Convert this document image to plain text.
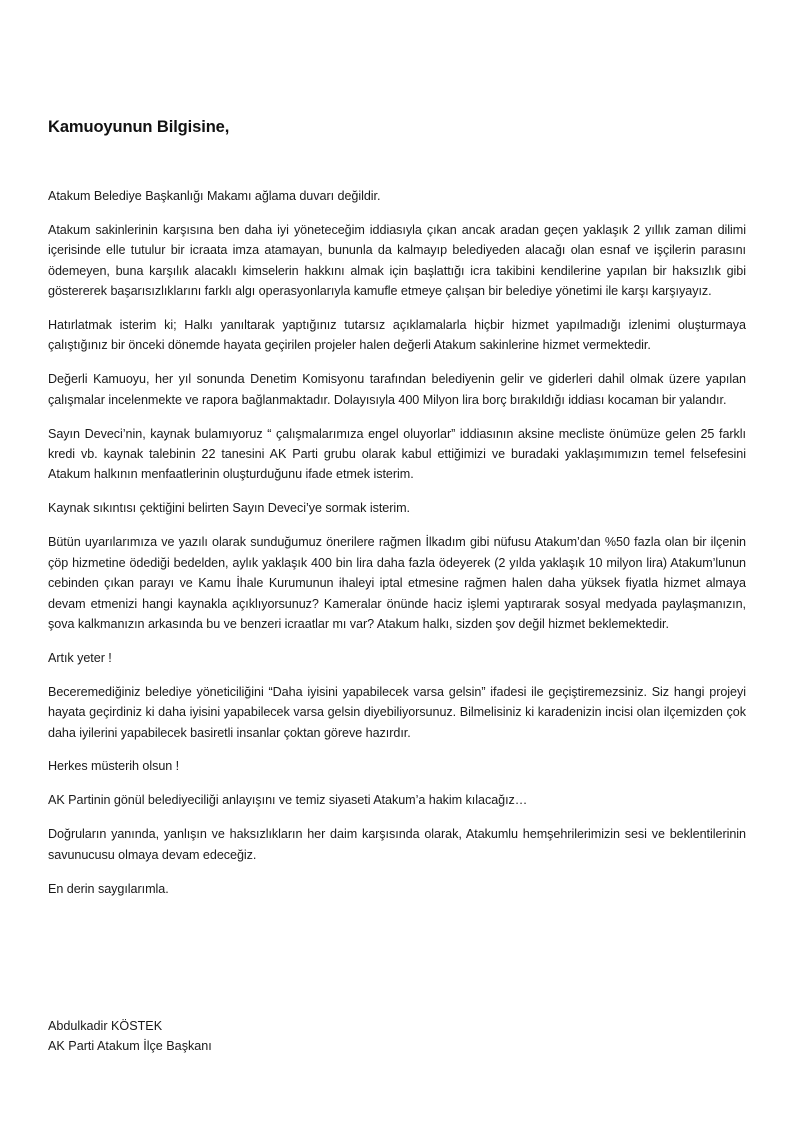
Kamuoyunun Bilgisine,

Atakum Belediye Başkanlığı Makamı ağlama duvarı değildir.

Atakum sakinlerinin karşısına ben daha iyi yöneteceğim iddiasıyla çıkan ancak aradan geçen yaklaşık 2 yıllık zaman dilimi içerisinde elle tutulur bir icraata imza atamayan, bununla da kalmayıp belediyeden alacağı olan esnaf ve işçilerin parasını ödemeyen, buna karşılık alacaklı kimselerin hakkını almak için başlattığı icra takibini kendilerine yapılan bir haksızlık gibi göstererek başarısızlıklarını farklı algı operasyonlarıyla kamufle etmeye çalışan bir belediye yönetimi ile karşı karşıyayız.

Hatırlatmak isterim ki; Halkı yanıltarak yaptığınız tutarsız açıklamalarla hiçbir hizmet yapılmadığı izlenimi oluşturmaya çalıştığınız bir önceki dönemde hayata geçirilen projeler halen değerli Atakum sakinlerine hizmet vermektedir.

Değerli Kamuoyu, her yıl sonunda Denetim Komisyonu tarafından belediyenin gelir ve giderleri dahil olmak üzere yapılan çalışmalar incelenmekte ve rapora bağlanmaktadır. Dolayısıyla 400 Milyon lira borç bırakıldığı iddiası kocaman bir yalandır.

Sayın Deveci’nin, kaynak bulamıyoruz “ çalışmalarımıza engel oluyorlar” iddiasının aksine mecliste önümüze gelen 25 farklı kredi vb. kaynak talebinin 22 tanesini AK Parti grubu olarak kabul ettiğimizi ve buradaki yaklaşımımızın temel felsefesini Atakum halkının menfaatlerinin oluşturduğunu ifade etmek isterim.

Kaynak sıkıntısı çektiğini belirten Sayın Deveci’ye sormak isterim.

Bütün uyarılarımıza ve yazılı olarak sunduğumuz önerilere rağmen İlkadım gibi nüfusu Atakum’dan %50 fazla olan bir ilçenin çöp hizmetine ödediği bedelden, aylık yaklaşık 400 bin lira daha fazla ödeyerek (2 yılda yaklaşık 10 milyon lira) Atakum’lunun cebinden çıkan parayı ve Kamu İhale Kurumunun ihaleyi iptal etmesine rağmen halen daha yüksek fiyatla hizmet almaya devam etmenizi hangi kaynakla açıklıyorsunuz? Kameralar önünde haciz işlemi yaptırarak sosyal medyada paylaşmanızın, şova kalkmanızın arkasında bu ve benzeri icraatlar mı var? Atakum halkı, sizden şov değil hizmet beklemektedir.

Artık yeter !

Beceremediğiniz belediye yöneticiliğini “Daha iyisini yapabilecek varsa gelsin” ifadesi ile geçiştiremezsiniz. Siz hangi projeyi hayata geçirdiniz ki daha iyisini yapabilecek varsa gelsin diyebiliyorsunuz. Bilmelisiniz ki karadenizin incisi olan ilçemizden çok daha iyilerini yapabilecek basiretli insanlar çoktan göreve hazırdır.

Herkes müsterih olsun !

AK Partinin gönül belediyeciliği anlayışını ve temiz siyaseti Atakum’a hakim kılacağız…

Doğruların yanında, yanlışın ve haksızlıkların her daim karşısında olarak, Atakumlu hemşehrilerimizin sesi ve beklentilerinin savunucusu olmaya devam edeceğiz.

En derin saygılarımla.

Abdulkadir KÖSTEK
AK Parti Atakum İlçe Başkanı
